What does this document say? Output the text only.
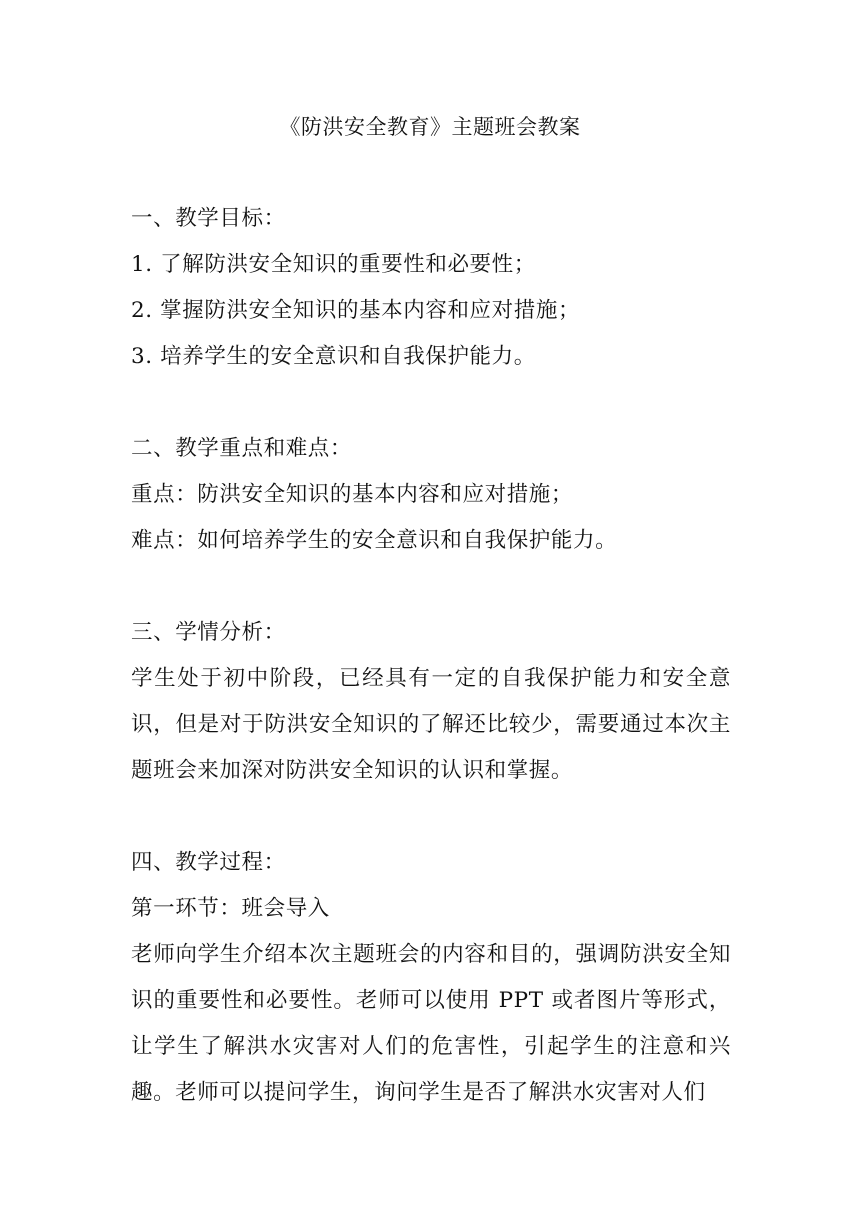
《防洪安全教育》主题班会教案

一、教学目标：

1. 了解防洪安全知识的重要性和必要性；

2. 掌握防洪安全知识的基本内容和应对措施；

3. 培养学生的安全意识和自我保护能力。

二、教学重点和难点：

重点：防洪安全知识的基本内容和应对措施；

难点：如何培养学生的安全意识和自我保护能力。

三、学情分析：

学生处于初中阶段，已经具有一定的自我保护能力和安全意识，但是对于防洪安全知识的了解还比较少，需要通过本次主题班会来加深对防洪安全知识的认识和掌握。

四、教学过程：

第一环节：班会导入

老师向学生介绍本次主题班会的内容和目的，强调防洪安全知识的重要性和必要性。老师可以使用 PPT 或者图片等形式，让学生了解洪水灾害对人们的危害性，引起学生的注意和兴趣。老师可以提问学生，询问学生是否了解洪水灾害对人们
